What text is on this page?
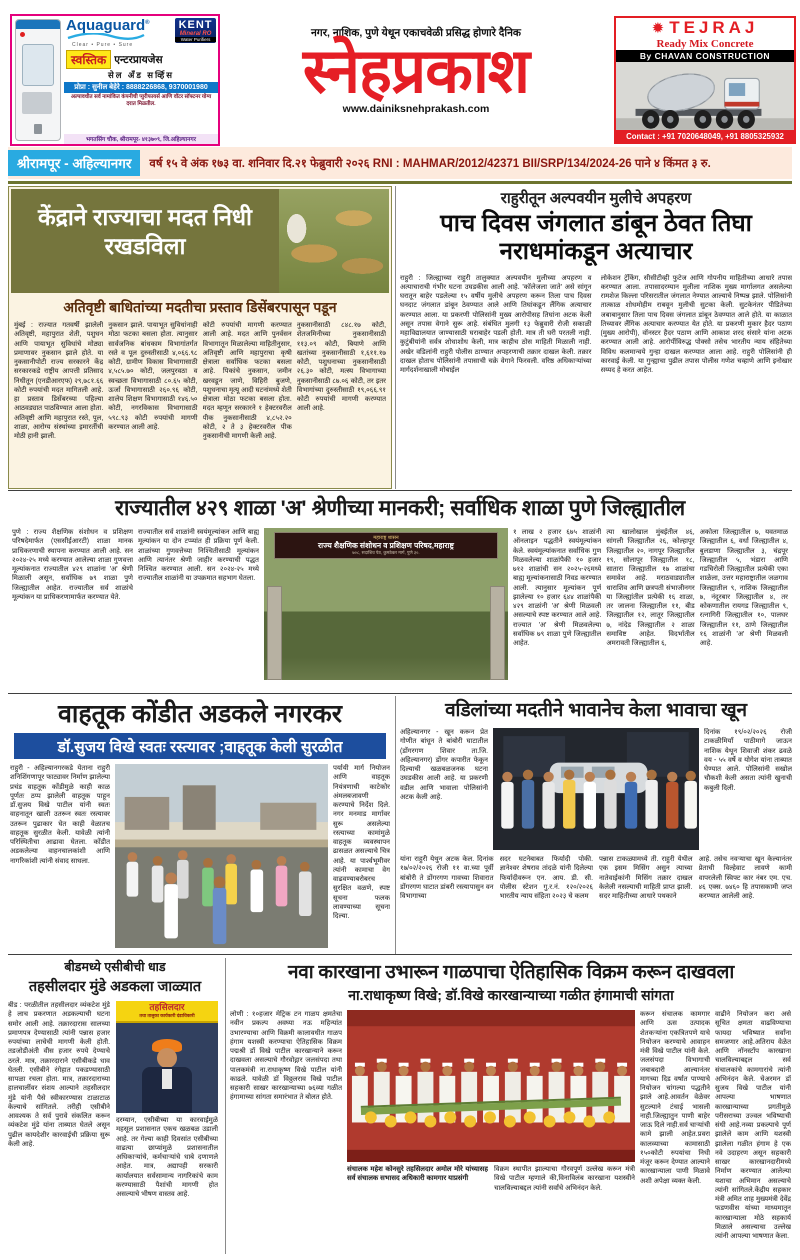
Aquaguard®
Clear • Pure • Sure
KENT
Mineral RO
Water Purifiers
स्वस्तिक एन्टरप्रायजेस
सेल अँड सर्व्हिस
प्रोप्रा : सुनील बेहेरे : 8888226868, 9370001980
अल्पावधीत सर्व नामांकित कंपनीची प्युरीफायर्स आणि वॉटर सॉफ्टनर योग्य दरात मिळतील.
भगतसिंग चौक, श्रीरामपूर- ४१३७०९, जि.अहिल्यानगर
नगर, नाशिक, पुणे येथून एकाचवेळी प्रसिद्ध होणारे दैनिक
स्नेहप्रकाश
www.dainiksnehprakash.com
✹ TEJRAJ
Ready Mix Concrete
By CHAVAN CONSTRUCTION
Contact : +91 7020648049, +91 8805325932
श्रीरामपूर - अहिल्यानगर	वर्ष १५ वे अंक १७३ वा. शनिवार दि.२१ फेब्रुवारी २०२६ RNI : MAHMAR/2012/42371 BII/SRP/134/2024-26 पाने ४ किंमत ३ रु.
केंद्राने राज्याचा मदत निधी रखडविला
अतिवृष्टी बाधितांच्या मदतीचा प्रस्ताव डिसेंबरपासून पडून
मुंबई : राज्यात गतवर्षी झालेली अतिवृष्टी, महापुरात शेती, पशुधन आणि पायाभूत सुविधांचे मोठ्या प्रमाणावर नुकसान झाले होते. या नुकसानीपोटी राज्य सरकारने केंद्र सरकारकडे राष्ट्रीय आपत्ती प्रतिसाद निधीतून (एनडीआरएफ) २९,७८१.६६ कोटी रुपयांची मदत मागितली आहे. हा प्रस्ताव डिसेंबरच्या पहिल्या आठवड्यात पाठविण्यात आला होता. अतिवृष्टी आणि महापुरात रस्ते, पूल, शाळा, आरोग्य संस्थांच्या इमारतींची मोठी हानी झाली.
नुकसान झाले. पायाभूत सुविधांनाही मोठा फटका बसला होता. त्यानुसार सार्वजनिक बांधकाम विभागांतर्गत रस्ते व पूल दुरुस्तीसाठी ४,०६६.९८ कोटी, ग्रामीण विकास विभागासाठी ४,५८५.७० कोटी, जलपुरवठा व स्वच्छता विभागासाठी ८०.६५ कोटी, ऊर्जा विभागासाठी २६०.९६ कोटी, शालेय शिक्षण विभागासाठी १४६.५० कोटी, नगरविकास विभागासाठी ५९८.९३ कोटी रुपयांची मागणी करण्यात आली आहे.
कोटी रुपयांची मागणी करण्यात आली आहे. मदत आणि पुनर्वसन विभागातून मिळालेल्या माहितीनुसार, अतिवृष्टी आणि महापुराचा कृषी क्षेत्राला सर्वाधिक फटका बसला आहे. पिकांचे नुकसान, जमीन खरवडून जाणे, विहिरी बुजणे, पशुधनाचा मृत्यू आदी घटनांमध्ये शेती क्षेत्राला मोठा फटका बसला होता. मदत म्हणून सरकारने १ हेक्टरवरील पीक नुकसानीसाठी ४,८५२.२० कोटी, २ ते ३ हेक्टरवरील पीक नुकसानीची मागणी केली आहे.
नुकसानीसाठी ८४८.१७ कोटी, शेतजमिनीच्या नुकसानीसाठी ११३.०९ कोटी, बियाणे आणि खतांच्या नुकसानीसाठी १,६११.१७ कोटी, पशुधनाच्या नुकसानीसाठी २६.३० कोटी, मत्स्य विभागाच्या नुकसानीसाठी ८७.०६ कोटी, तर इतर विभागांच्या दुरुस्तीसाठी १९,०६६.९१ कोटी रुपयांची मागणी करण्यात आली आहे.
राहुरीतून अल्पवयीन मुलीचे अपहरण
पाच दिवस जंगलात डांबून ठेवत तिघा नराधमांकडून अत्याचार
राहुरी : जिल्ह्याच्या राहुरी तालुक्यात अल्पवयीन मुलीच्या अपहरण व अत्याचाराची गंभीर घटना उघडकीस आली आहे. 'कॉलेजला जाते' असे सांगून घरातून बाहेर पडलेल्या १५ वर्षीय मुलीचे अपहरण करून तिला पाच दिवस घनदाट जंगलात डांबून ठेवण्यात आले आणि तिघांकडून लैंगिक अत्याचार करण्यात आला. या प्रकरणी पोलिसांनी मुख्य आरोपीसह तिघांना अटक केली असून तपास वेगाने सुरू आहे. संबंधित मुलगी १३ फेब्रुवारी रोजी सकाळी महाविद्यालयात जाण्यासाठी घराबाहेर पडली होती. मात्र ती घरी परतली नाही. कुटुंबीयांनी सर्वत्र शोधाशोध केली, मात्र काहीच ठोस माहिती मिळाली नाही. अखेर वडिलांनी राहुरी पोलीस ठाण्यात अपहरणाची तक्रार दाखल केली. तक्रार दाखल होताच पोलिसांनी तपासाची चक्रे वेगाने फिरवली. वरिष्ठ अधिकाऱ्यांच्या मार्गदर्शनाखाली मोबाईल
लोकेशन ट्रॅकिंग, सीसीटीव्ही फुटेज आणि गोपनीय माहितीच्या आधारे तपास करण्यात आला. तपासादरम्यान मुलीला नाशिक मुख्य मार्गालगत असलेल्या रामशेज किल्ला परिसरातील जंगलात नेण्यात आल्याचे निष्पन्न झाले. पोलिसांनी तात्काळ शोधमोहीम राबवून मुलीची सुटका केली. सुटकेनंतर पीडितेच्या जबाबानुसार तिला पाच दिवस जंगलात डांबून ठेवण्यात आले होते. या काळात तिच्यावर लैंगिक अत्याचार करण्यात येत होते. या प्रकरणी मुकार हैदर पठाण (मुख्य आरोपी), वॉनस्टर हैदर पठाण आणि आकाश शरद संसारे यांना अटक करण्यात आली आहे. आरोपींविरुद्ध पोक्सो तसेच भारतीय न्याय संहितेच्या विविध कलमान्वये गुन्हा दाखल करण्यात आला आहे. राहुरी पोलिसांनी ही कारवाई केली. या गुन्ह्याचा पुढील तपास पोलीस गणेश चव्हाणे आणि इनोखार सय्यद हे करत आहेत.
राज्यातील ४२९ शाळा 'अ' श्रेणीच्या मानकरी; सर्वाधिक शाळा पुणे जिल्ह्यातील
पुणे : राज्य शैक्षणिक संशोधन व प्रशिक्षण परिषदेमार्फत (एससीईआरटी) शाळा मानक प्राधिकरणाची स्थापना करण्यात आली आहे. सन २०२४-२५ मध्ये करण्यात आलेल्या शाळा गुणवत्ता मूल्यांकनात राज्यातील ४२९ शाळांना 'अ' श्रेणी मिळाली असून, सर्वाधिक ७९ शाळा पुणे जिल्ह्यातील आहेत. राज्यातील सर्व शाळांचे मूल्यांकन या प्राधिकरणामार्फत करण्यात येते.
राज्यातील सर्व शाळांनी स्वयंमूल्यांकन आणि बाह्य मूल्यांकन या दोन टप्प्यांत ही प्रक्रिया पूर्ण केली. शाळांच्या गुणवत्तेच्या निश्चितीसाठी मूल्यांकन आणि त्यानंतर श्रेणी जाहीर करण्याची पद्धत निश्चित करण्यात आली. सन २०२४-२५ मध्ये राज्यातील शाळांनी या उपक्रमात सहभाग घेतला.
महाराष्ट्र शासन
राज्य शैक्षणिक संशोधन व प्रशिक्षण परिषद,महाराष्ट्र
७०८, सदाशिव पेठ, कुमठेकर मार्ग, पुणे ३०.
१ लाख २ हजार ६७५ शाळांनी ऑनलाइन पद्धतीने स्वयंमूल्यांकन केले. स्वयंमूल्यांकनात सर्वाधिक गुण मिळवलेल्या शाळांपैकी १० हजार ७१२ शाळांची सन २०२५-२६मध्ये बाह्य मूल्यांकनासाठी निवड करण्यात आली. त्यानुसार मूल्यांकन पूर्ण झालेल्या १० हजार ६४४ शाळांपैकी ४२९ शाळांनी 'अ' श्रेणी मिळवली असल्याचे स्पष्ट करण्यात आले आहे. राज्यात 'अ' श्रेणी मिळवलेल्या सर्वाधिक ७९ शाळा पुणे जिल्ह्यातील आहेत.
त्या खालोखाल मुंबईतील ४६, सांगली जिल्ह्यातील २६, कोल्हापूर जिल्ह्यातील २०, नागपूर जिल्ह्यातील १९, सोलापूर जिल्ह्यातील १८, सातारा जिल्ह्यातील १७ शाळांचा समावेश आहे. मराठवाड्यातील धाराशिव आणि छत्रपती संभाजीनगर या जिल्ह्यांतील प्रत्येकी १६ शाळा, तर जालना जिल्ह्यातील ११, बीड जिल्ह्यातील १२, लातूर जिल्ह्यातील ७, नांदेड जिल्ह्यातील २ शाळा समाविष्ट आहेत. विदर्भातील अमरावती जिल्ह्यातील ६,
अकोला जिल्ह्यातील ७, यवतमाळ जिल्ह्यातील ६, वर्धा जिल्ह्यातील ४, बुलडाणा जिल्ह्यातील ३, चंद्रपूर जिल्ह्यातील ५, भंडारा आणि गडचिरोली जिल्ह्यातील प्रत्येकी एका शाळेला, उत्तर महाराष्ट्रातील जळगाव जिल्ह्यातील ९, नाशिक जिल्ह्यातील ७, नंदूरबार जिल्ह्यातील ४, तर कोकणातील रायगड जिल्ह्यातील ९, रत्नागिरी जिल्ह्यातील १०, पालघर जिल्ह्यातील ११, ठाणे जिल्ह्यातील १६ शाळांनी 'अ' श्रेणी मिळवली आहे.
वाहतूक कोंडीत अडकले नगरकर
डॉ.सुजय विखे स्वतः रस्त्यावर ;वाहतूक केली सुरळीत
राहुरी - अहिल्यानगरकडे येताना राहुरी शनिशिंगणापूर फाट्यावर निर्माण झालेल्या प्रचंड वाहतूक कोंडीमुळे काही काळ पूर्णतः ठप्प झालेली वाहतूक पाहून डॉ.सुजय विखे पाटील यांनी स्वतः वाहनातून खाली उतरून स्वतः रस्त्यावर उतरून पुढाकार घेत काही वेळातच वाहतूक सुरळीत केली. यावेळी त्यांनी परिस्थितीचा आढावा घेतला. कोंडीत अडकलेल्या वाहनचालकांशी आणि नागरिकांशी त्यांनी संवाद साधला.
पर्यायी मार्ग नियोजन आणि वाहतूक नियंत्रणाची काटेकोर अंमलबजावणी करण्याचे निर्देश दिले. नगर मनमाड मार्गावर सुरू असलेल्या रस्त्याच्या कामांमुळे वाहतूक व्यवस्थापन ढासळत असल्याचे चित्र आहे. या पार्श्वभूमीवर त्यांनी कामाचा वेग वाढवण्याबरोबरच सुरक्षित वळणे, स्पष्ट सूचना फलक लावण्याच्या सूचना दिल्या.
वडिलांच्या मदतीने भावानेच केला भावाचा खून
अहिल्यानगर - खून करून प्रेत गोणीत बांधून ते बांबोरी घाटातील (डोंगरगण शिवार ता.जि. अहिल्यानगर) डोंगर कपारीत फेकून दिल्याची खळबळजनक घटना उघडकीस आली आहे. या प्रकरणी वडील आणि भावाला पोलिसांनी अटक केली आहे.
दिनांक १९/०२/२०२६ रोजी टाकळीमियाँ पाठीमागे जाऊन नाशिक येथून शिवाजी शंकर ढवळे वय - ५५ वर्षे व योगेश यांना ताब्यात घेण्यात आले. पोलिसांनी सखोल चौकशी केली असता त्यांनी खुनाची कबुली दिली.
यांना राहुरी येथुन अटक केल. दिनांक १७/०२/२०२६ रोजी ११ वा.च्या पूर्वी बांबोरी ते डोंगरगण गावच्या शिवारात डोंगरगण घाटात डांबरी रस्त्यापासुन वन विभागाच्या
सदर घटनेबाबत फिर्यादी पोकी. ज्ञानेश्वर शेषराव तांदळे यांनी दिलेल्या फिर्यादीवरून एन. आय. डी. सी. पोलीस स्टेशन गु.र.नं. १२०/२०२६ भारतीय न्याय संहिता २०२३ चे कलम
पन्नास टाकळ्यामध्ये ती. राहुरी येथील एक इसम मिसिंग असुन त्याच्या नातेवाईकांनी मिसिंग तक्रार दाखल केलेली नसल्याची माहिती प्राप्त झाली. सदर माहितीच्या आधारे पथकाने
आहे. तसेच नवऱ्याचा खून केल्यानंतर प्रेताची विल्हेवाट लावणे कामी वापरलेली स्विफ्ट कार नंबर एम. एच. ४६ एक्स. ७४६० हि तपासकामी जप्त करण्यात आलेली आहे.
बीडमध्ये एसीबीची धाड
तहसीलदार मुंडे अडकला जाळ्यात
बीड : परळीतील तहसीलदार व्यंकटेश मुंडे हे लाच प्रकरणात अडकल्याची घटना समोर आली आहे. तक्रारदारास सालच्या प्रमाणपत्र देण्यासाठी त्यांनी पन्नास हजार रुपयांच्या लाचेची मागणी केली होती. तडजोडीअंती वीस हजार रुपये देण्याचे ठरले. मात्र, तक्रारदाराने एसीबीकडे धाव घेतली. एसीबीने रंगेहात पकडण्यासाठी सापळा रचला होता. मात्र, तक्रारदाराच्या हालचालींवर संशय आल्याने तहसीलदार मुंडे यांनी पैसे स्वीकारण्यास टाळाटाळ केल्याचे सांगितले. तरीही एसीबीने आवश्यक ते सर्व पुरावे संकलित करून व्यंकटेश मुंडे यांना ताब्यात घेतले असून पुढील कायदेशीर कारवाईची प्रक्रिया सुरू केली आहे.
तहसिलदार
तथा तालुका कार्यकारी दंडाधिकारी
दरम्यान, एसीबीच्या या कारवाईमुळे महसूल प्रशासनात एकच खळबळ उडाली आहे. तर गेल्या काही दिवसांत एसीबीच्या वाढत्या छाप्यांमुळे प्रशासनातील अधिकाऱ्यांचे, कर्मचाऱ्यांचे धाबे दणाणले आहेत. मात्र, अद्यापही सरकारी कार्यालयात सर्वसामान्य नागरिकांचे काम करण्यासाठी पैशांची मागणी होत असल्याचे भीषण वास्तव आहे.
नवा कारखाना उभारून गाळपाचा ऐतिहासिक विक्रम करून दाखवला
ना.राधाकृष्ण विखे; डॉ.विखे कारखान्याच्या गळीत हंगामाची सांगता
लोणी : १०हजार मेट्रिक टन गाळप क्षमतेचा नवीन प्रकल्प अवघ्या नऊ महिन्यांत उभारण्याचा आणि विक्रमी कालावधीत गाळप हंगाम यशस्वी करण्याचा ऐतिहासिक विक्रम पद्मश्री डॉ विखे पाटील कारखान्याने करून दाखवला असल्याचे गौरवोद्गार जलसंपदा तथा पालकमंत्री ना.राधाकृष्ण विखे पाटील यांनी काढले. यावेळी डॉ विठ्ठलराव विखे पाटील सहकारी साखर कारखान्याच्या ७६व्या गळीत हंगामाच्या सांगता समारंभात ते बोलत होते.
संचालक महेश कोनसुरे तहसिलदार अमोल मोरे यांच्यासह सर्व संचालक सभासद अधिकारी कामगार याप्रसंगी
विक्रम स्थापीत झाल्याचा गौरवपूर्ण उल्लेख करून मंत्री विखे पाटील म्हणाले की,विनाविलंब कारखाना यशस्वीने चालविल्याबद्दल त्यांनी सर्वांचे अभिनंदन केले.
करून संचालक कामगार आणि ऊस उत्पादक शेतकऱ्यांना एकत्रितपणे याचे नियोजन करण्याचे आवाहन मंत्री विखे पाटील यांनी केले. जलसंपदा विभागाची जबाबदारी आल्यानंतर मागच्या दिड वर्षात पाण्याचे नियोजन चांगल्या पद्धतीने झाले आहे.आवर्तन वेळेवर सुटल्याने टंचाई भासली नाही.जिल्ह्यातुन पाणी बाहेर जाऊ दिले नाही.सर्व चाऱ्यांची कामे झाली आहेत.प्रवरा कालव्याच्या कामासाठी १५०कोटी रुपयांचा निधी मंजूर करून देण्यात आल्याने कारखान्याला पाणी मिळावे अशी अपेक्षा व्यक्त केली.
वाढीने नियोजन करा असे सूचित क्षमता वाढविण्याचा फायदा भविष्यात सर्वांना समजणार आहे.अतिराय वेळेत आणि नॉनस्टॉप कारखाना चालविल्याबद्दल सर्व संचालकांचे कामगारांचे त्यांनी अभिनंदन केले. चेअरमन डॉ सुजय विखे पाटील यांनी आपल्या भाषणात कारखान्याच्या प्रगतीमुळे परीसराच्या उज्वल भविष्याची संधी आहे.नव्या प्रकल्पाचे पूर्ण झालेले काम आणि यशस्वी झालेला गळीत हंगाम हे एक नवे उदाहरण असून सहकारी साखर कारखानदारीमध्ये निर्माण करण्यात आलेल्या यशाचा अभिमान असल्याचे त्यांनी सांगितले.केंद्रीय सहकार मंत्री अमित शाह मुख्यमंत्री देवेंद्र फडणवीस यांच्या माध्यमातून कारखान्याला मोठे सहकार्य मिळाले असल्याचा उल्लेख त्यांनी आपल्या भाषणात केला.
